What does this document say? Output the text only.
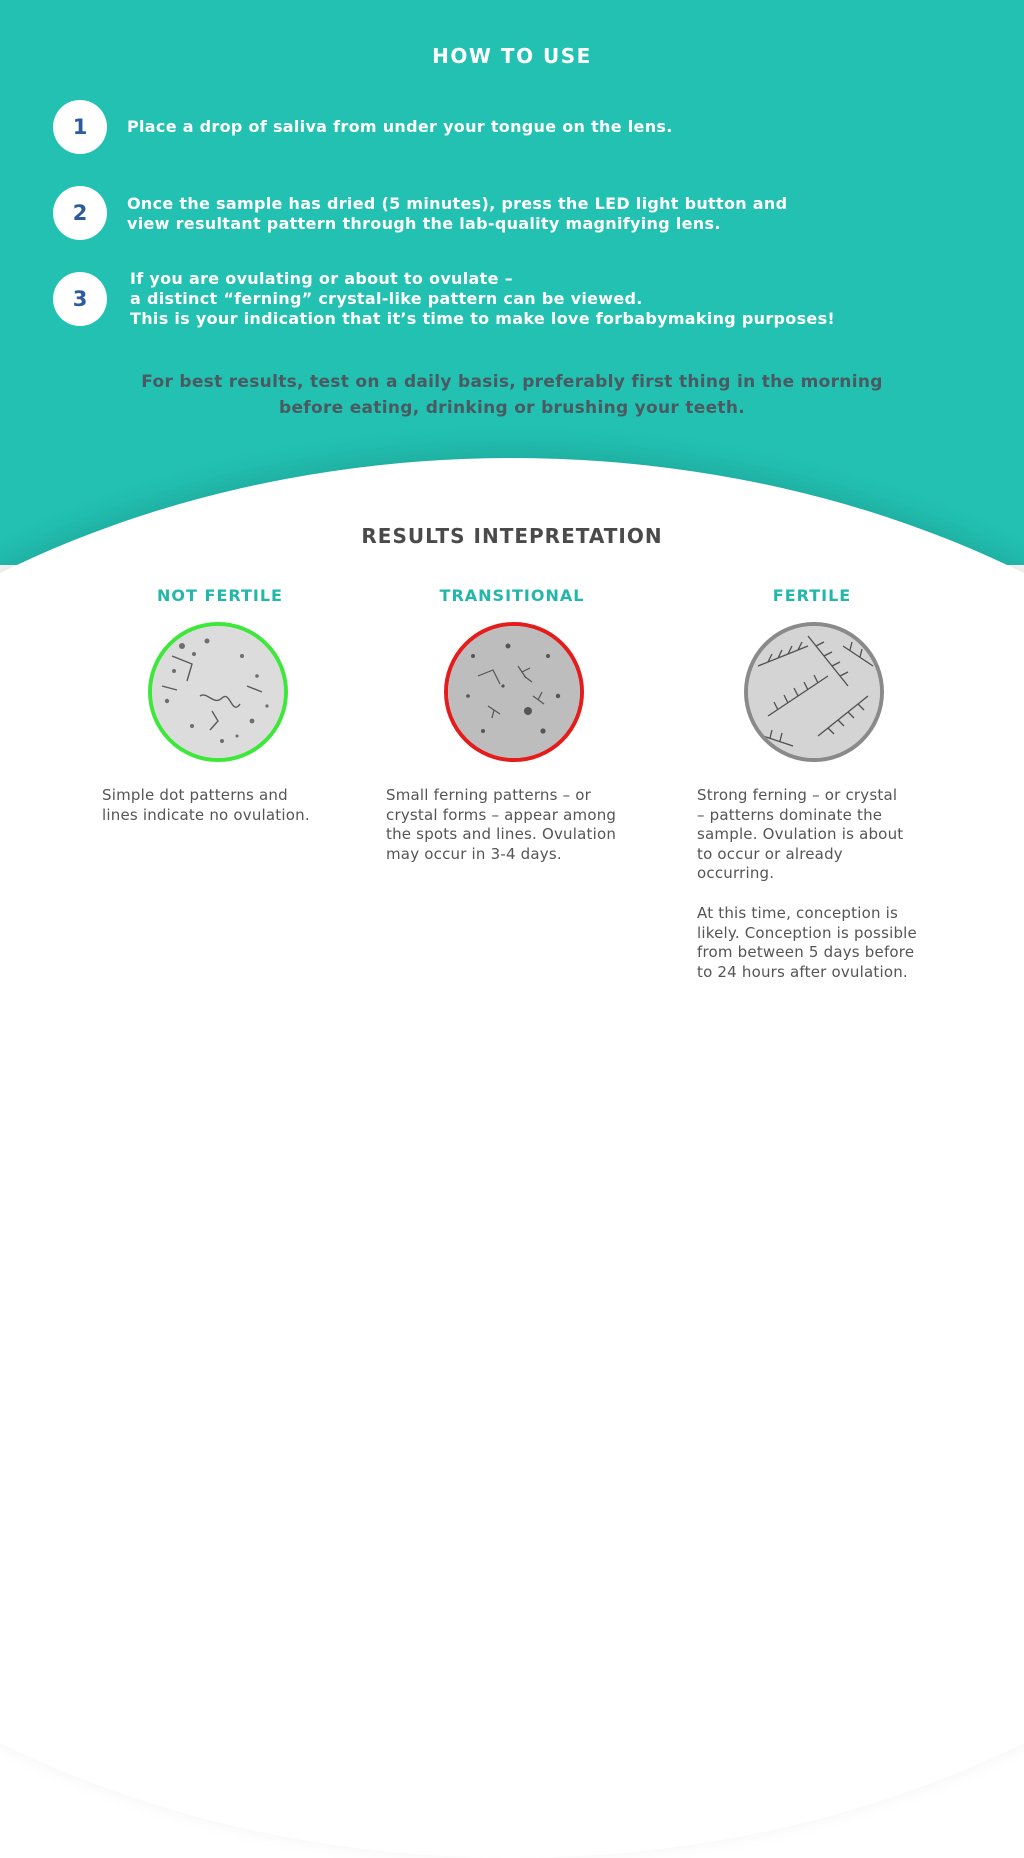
HOW TO USE
1	Place a drop of saliva from under your tongue on the lens.
2	Once the sample has dried (5 minutes), press the LED light button and
view resultant pattern through the lab-quality magnifying lens.
3
If you are ovulating or about to ovulate –
a distinct “ferning” crystal-like pattern can be viewed.
This is your indication that it’s time to make love forbabymaking purposes!
For best results, test on a daily basis, preferably first thing in the morning
before eating, drinking or brushing your teeth.
RESULTS INTEPRETATION
NOT FERTILE
Simple dot patterns and
lines indicate no ovulation.
TRANSITIONAL
Small ferning patterns – or
crystal forms – appear among
the spots and lines. Ovulation
may occur in 3-4 days.
FERTILE
Strong ferning – or crystal
– patterns dominate the
sample. Ovulation is about
to occur or already
occurring.
At this time, conception is
likely. Conception is possible
from between 5 days before
to 24 hours after ovulation.
